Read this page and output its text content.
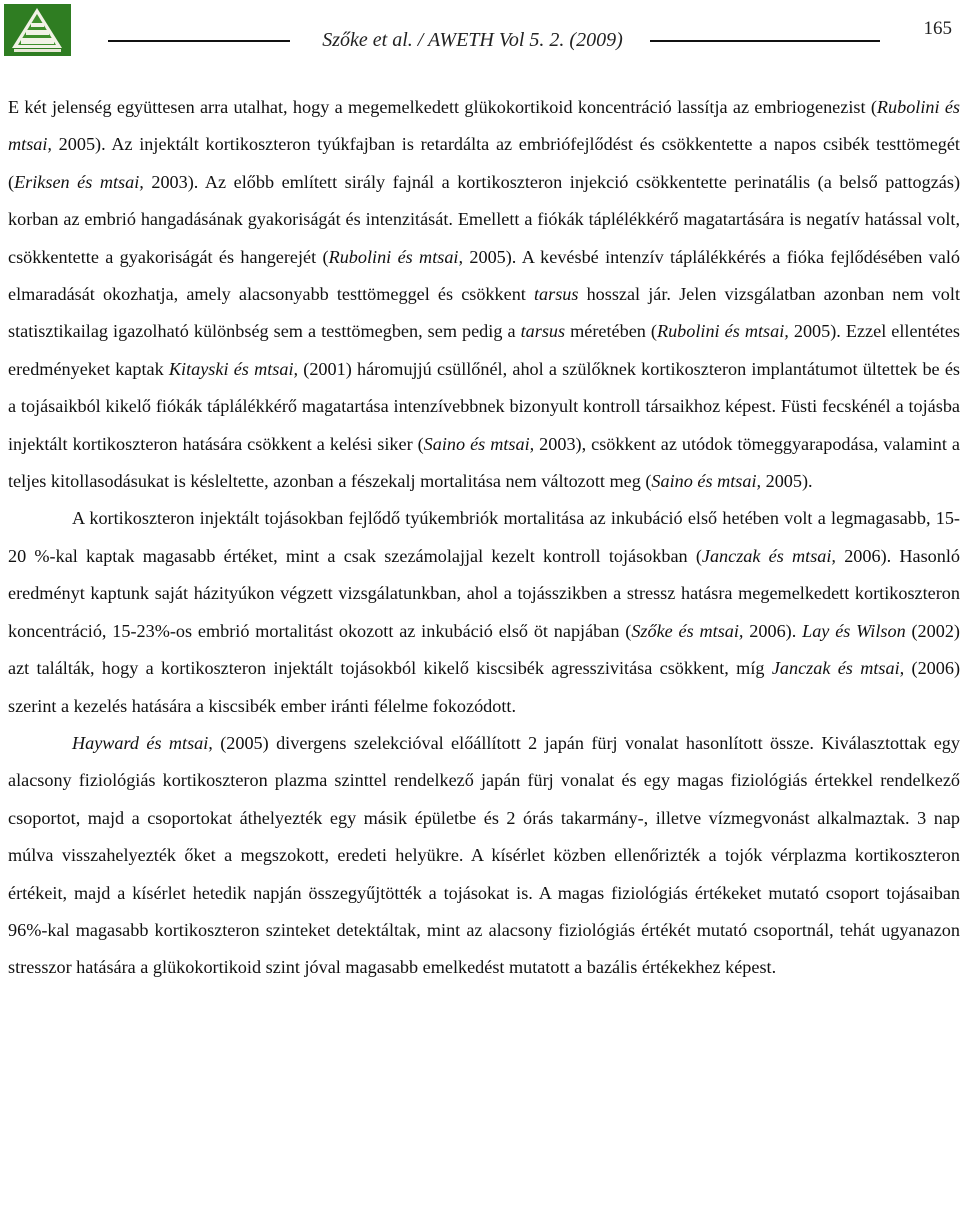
Szőke et al. / AWETH Vol 5. 2. (2009)
165

E két jelenség együttesen arra utalhat, hogy a megemelkedett glükokortikoid koncentráció lassítja az embriogenezist (Rubolini és mtsai, 2005). Az injektált kortikoszteron tyúkfajban is retardálta az embriófejlődést és csökkentette a napos csibék testtömegét (Eriksen és mtsai, 2003). Az előbb említett sirály fajnál a kortikoszteron injekció csökkentette perinatális (a belső pattogzás) korban az embrió hangadásának gyakoriságát és intenzitását. Emellett a fiókák táplélékkérő magatartására is negatív hatással volt, csökkentette a gyakoriságát és hangerejét (Rubolini és mtsai, 2005). A kevésbé intenzív táplálékkérés a fióka fejlődésében való elmaradását okozhatja, amely alacsonyabb testtömeggel és csökkent tarsus hosszal jár. Jelen vizsgálatban azonban nem volt statisztikailag igazolható különbség sem a testtömegben, sem pedig a tarsus méretében (Rubolini és mtsai, 2005). Ezzel ellentétes eredményeket kaptak Kitayski és mtsai, (2001) háromujjú csüllőnél, ahol a szülőknek kortikoszteron implantátumot ültettek be és a tojásaikból kikelő fiókák táplálékkérő magatartása intenzívebbnek bizonyult kontroll társaikhoz képest. Füsti fecskénél a tojásba injektált kortikoszteron hatására csökkent a kelési siker (Saino és mtsai, 2003), csökkent az utódok tömeggyarapodása, valamint a teljes kitollasodásukat is késleltette, azonban a fészekalj mortalitása nem változott meg (Saino és mtsai, 2005).

A kortikoszteron injektált tojásokban fejlődő tyúkembriók mortalitása az inkubáció első hetében volt a legmagasabb, 15-20 %-kal kaptak magasabb értéket, mint a csak szezámolajjal kezelt kontroll tojásokban (Janczak és mtsai, 2006). Hasonló eredményt kaptunk saját házityúkon végzett vizsgálatunkban, ahol a tojásszikben a stressz hatásra megemelkedett kortikoszteron koncentráció, 15-23%-os embrió mortalitást okozott az inkubáció első öt napjában (Szőke és mtsai, 2006). Lay és Wilson (2002) azt találták, hogy a kortikoszteron injektált tojásokból kikelő kiscsibék agresszivitása csökkent, míg Janczak és mtsai, (2006) szerint a kezelés hatására a kiscsibék ember iránti félelme fokozódott.

Hayward és mtsai, (2005) divergens szelekcióval előállított 2 japán fürj vonalat hasonlított össze. Kiválasztottak egy alacsony fiziológiás kortikoszteron plazma szinttel rendelkező japán fürj vonalat és egy magas fiziológiás értekkel rendelkező csoportot, majd a csoportokat áthelyezték egy másik épületbe és 2 órás takarmány-, illetve vízmegvonást alkalmaztak. 3 nap múlva visszahelyezték őket a megszokott, eredeti helyükre. A kísérlet közben ellenőrizték a tojók vérplazma kortikoszteron értékeit, majd a kísérlet hetedik napján összegyűjtötték a tojásokat is. A magas fiziológiás értékeket mutató csoport tojásaiban 96%-kal magasabb kortikoszteron szinteket detektáltak, mint az alacsony fiziológiás értékét mutató csoportnál, tehát ugyanazon stresszor hatására a glükokortikoid szint jóval magasabb emelkedést mutatott a bazális értékekhez képest.
